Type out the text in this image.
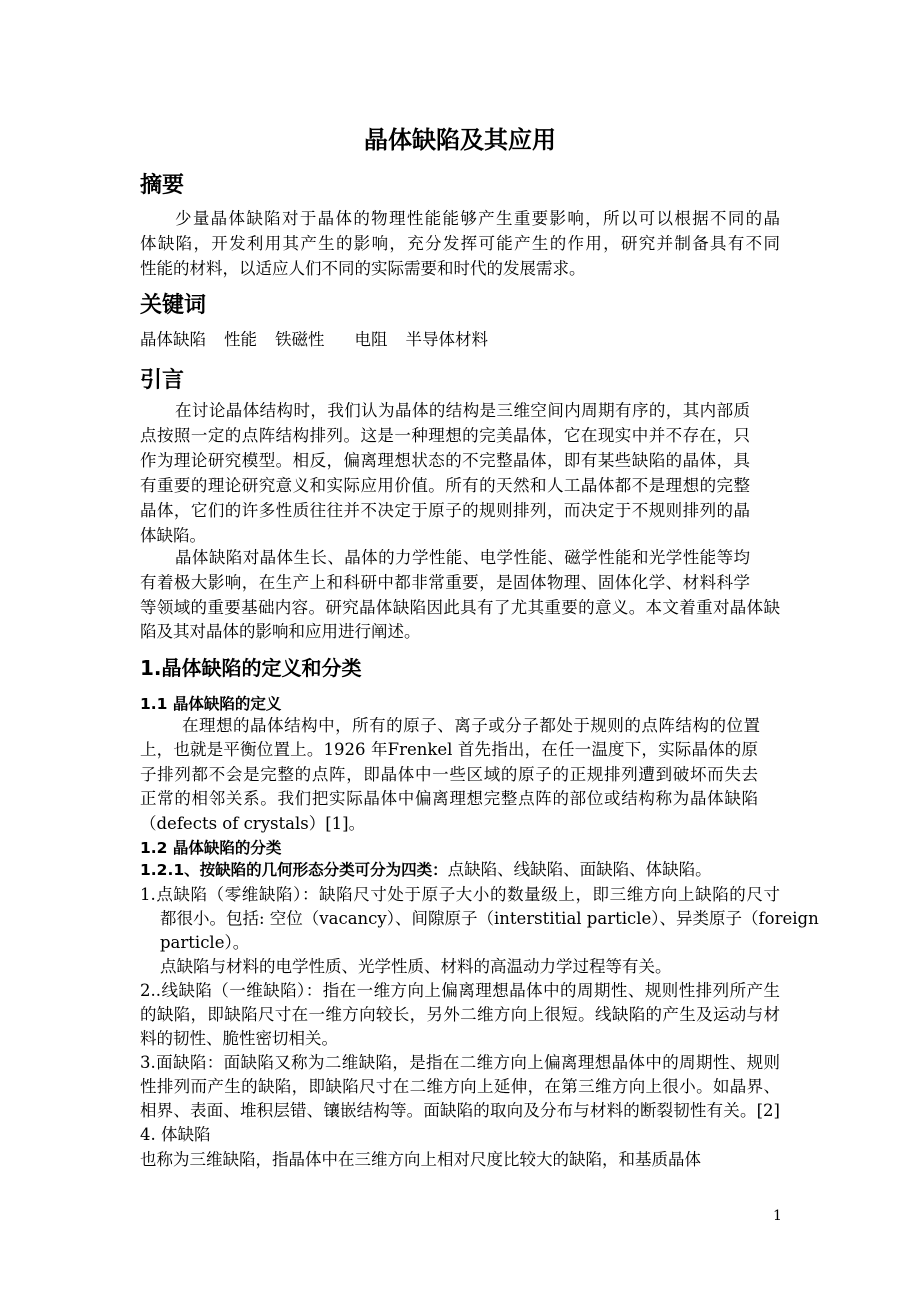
晶体缺陷及其应用
摘要
少量晶体缺陷对于晶体的物理性能能够产生重要影响，所以可以根据不同的晶
体缺陷，开发利用其产生的影响，充分发挥可能产生的作用，研究并制备具有不同
性能的材料，以适应人们不同的实际需要和时代的发展需求。
关键词
晶体缺陷 性能 铁磁性 电阻 半导体材料
引言
在讨论晶体结构时，我们认为晶体的结构是三维空间内周期有序的，其内部质
点按照一定的点阵结构排列。这是一种理想的完美晶体，它在现实中并不存在，只
作为理论研究模型。相反，偏离理想状态的不完整晶体，即有某些缺陷的晶体，具
有重要的理论研究意义和实际应用价值。所有的天然和人工晶体都不是理想的完整
晶体，它们的许多性质往往并不决定于原子的规则排列，而决定于不规则排列的晶
体缺陷。
晶体缺陷对晶体生长、晶体的力学性能、电学性能、磁学性能和光学性能等均
有着极大影响，在生产上和科研中都非常重要，是固体物理、固体化学、材料科学
等领域的重要基础内容。研究晶体缺陷因此具有了尤其重要的意义。本文着重对晶体缺
陷及其对晶体的影响和应用进行阐述。
1.晶体缺陷的定义和分类
1.1 晶体缺陷的定义
在理想的晶体结构中，所有的原子、离子或分子都处于规则的点阵结构的位置
上，也就是平衡位置上。1926 年Frenkel 首先指出，在任一温度下，实际晶体的原
子排列都不会是完整的点阵，即晶体中一些区域的原子的正规排列遭到破坏而失去
正常的相邻关系。我们把实际晶体中偏离理想完整点阵的部位或结构称为晶体缺陷
（defects of crystals）[1]。
1.2 晶体缺陷的分类
1.2.1、按缺陷的几何形态分类可分为四类：点缺陷、线缺陷、面缺陷、体缺陷。
1.点缺陷（零维缺陷）：缺陷尺寸处于原子大小的数量级上，即三维方向上缺陷的尺寸
都很小。包括: 空位（vacancy）、间隙原子（interstitial particle）、异类原子（foreign
particle）。
点缺陷与材料的电学性质、光学性质、材料的高温动力学过程等有关。
2..线缺陷（一维缺陷）：指在一维方向上偏离理想晶体中的周期性、规则性排列所产生
的缺陷，即缺陷尺寸在一维方向较长，另外二维方向上很短。线缺陷的产生及运动与材
料的韧性、脆性密切相关。
3.面缺陷：面缺陷又称为二维缺陷，是指在二维方向上偏离理想晶体中的周期性、规则
性排列而产生的缺陷，即缺陷尺寸在二维方向上延伸，在第三维方向上很小。如晶界、
相界、表面、堆积层错、镶嵌结构等。面缺陷的取向及分布与材料的断裂韧性有关。[2]
4. 体缺陷
也称为三维缺陷，指晶体中在三维方向上相对尺度比较大的缺陷，和基质晶体
1
